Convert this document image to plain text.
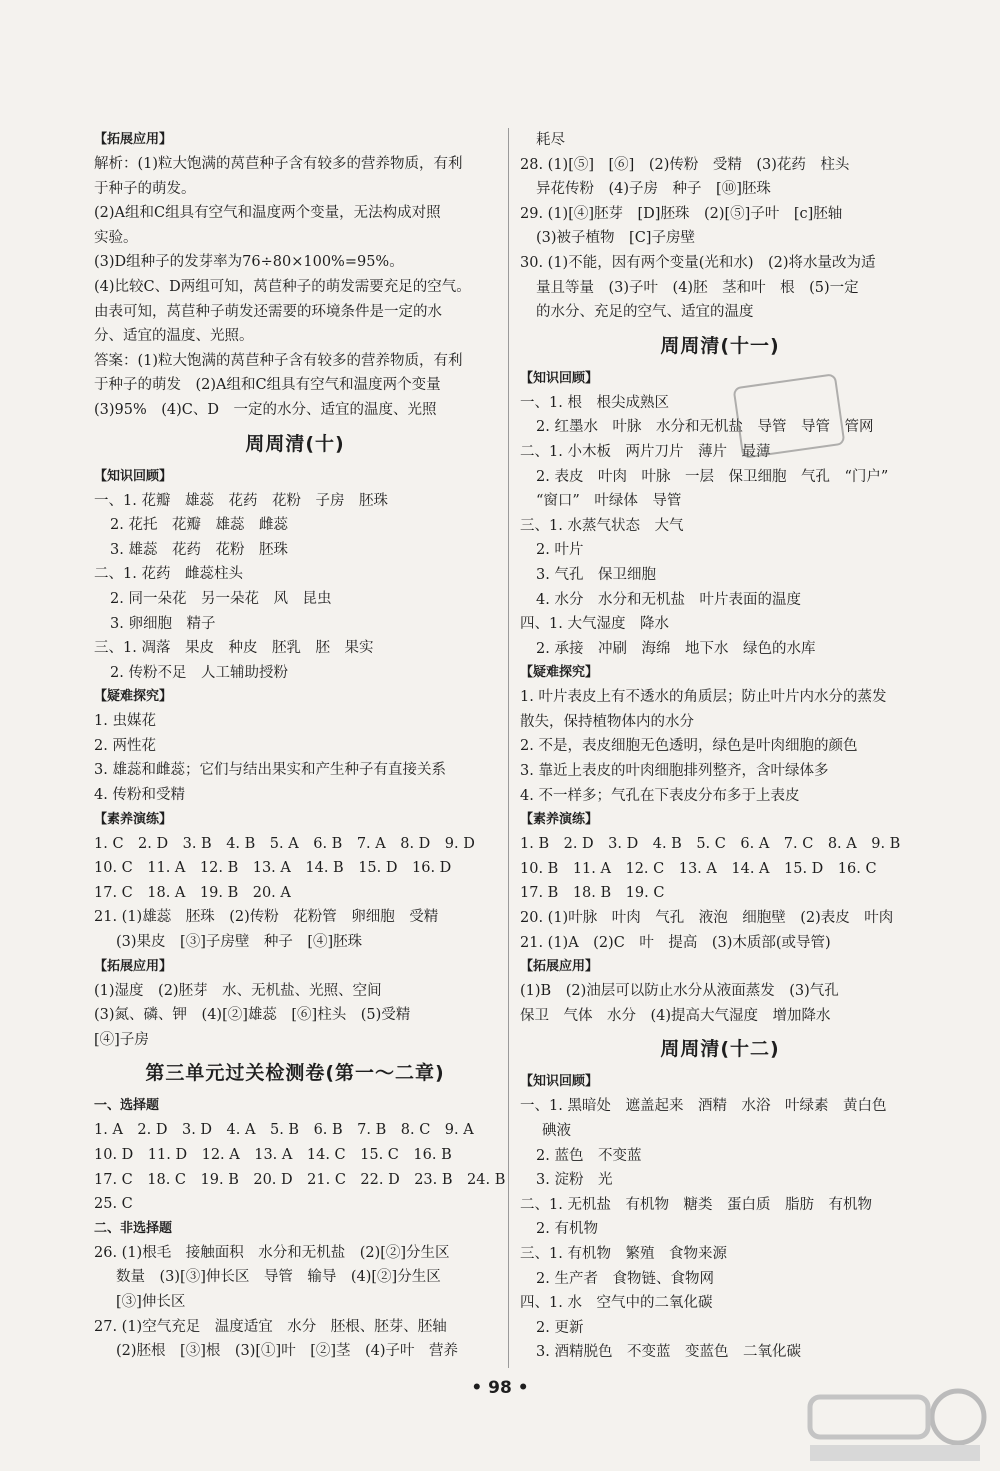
【拓展应用】
解析：(1)粒大饱满的莴苣种子含有较多的营养物质，有利
于种子的萌发。
(2)A组和C组具有空气和温度两个变量，无法构成对照
实验。
(3)D组种子的发芽率为76÷80×100%=95%。
(4)比较C、D两组可知，莴苣种子的萌发需要充足的空气。
由表可知，莴苣种子萌发还需要的环境条件是一定的水
分、适宜的温度、光照。
答案：(1)粒大饱满的莴苣种子含有较多的营养物质，有利
于种子的萌发　(2)A组和C组具有空气和温度两个变量
(3)95%　(4)C、D　一定的水分、适宜的温度、光照
周周清(十)
【知识回顾】
一、1. 花瓣　雄蕊　花药　花粉　子房　胚珠
2. 花托　花瓣　雄蕊　雌蕊
3. 雄蕊　花药　花粉　胚珠
二、1. 花药　雌蕊柱头
2. 同一朵花　另一朵花　风　昆虫
3. 卵细胞　精子
三、1. 凋落　果皮　种皮　胚乳　胚　果实
2. 传粉不足　人工辅助授粉
【疑难探究】
1. 虫媒花
2. 两性花
3. 雄蕊和雌蕊；它们与结出果实和产生种子有直接关系
4. 传粉和受精
【素养演练】
1. C　2. D　3. B　4. B　5. A　6. B　7. A　8. D　9. D
10. C　11. A　12. B　13. A　14. B　15. D　16. D
17. C　18. A　19. B　20. A
21. (1)雄蕊　胚珠　(2)传粉　花粉管　卵细胞　受精
(3)果皮　[③]子房壁　种子　[④]胚珠
【拓展应用】
(1)湿度　(2)胚芽　水、无机盐、光照、空间
(3)氮、磷、钾　(4)[②]雄蕊　[⑥]柱头　(5)受精
[④]子房
第三单元过关检测卷(第一～二章)
一、选择题
1. A　2. D　3. D　4. A　5. B　6. B　7. B　8. C　9. A
10. D　11. D　12. A　13. A　14. C　15. C　16. B
17. C　18. C　19. B　20. D　21. C　22. D　23. B　24. B
25. C
二、非选择题
26. (1)根毛　接触面积　水分和无机盐　(2)[②]分生区
数量　(3)[③]伸长区　导管　输导　(4)[②]分生区
[③]伸长区
27. (1)空气充足　温度适宜　水分　胚根、胚芽、胚轴
(2)胚根　[③]根　(3)[①]叶　[②]茎　(4)子叶　营养
耗尽
28. (1)[⑤]　[⑥]　(2)传粉　受精　(3)花药　柱头
异花传粉　(4)子房　种子　[⑩]胚珠
29. (1)[④]胚芽　[D]胚珠　(2)[⑤]子叶　[c]胚轴
(3)被子植物　[C]子房壁
30. (1)不能，因有两个变量(光和水)　(2)将水量改为适
量且等量　(3)子叶　(4)胚　茎和叶　根　(5)一定
的水分、充足的空气、适宜的温度
周周清(十一)
【知识回顾】
一、1. 根　根尖成熟区
2. 红墨水　叶脉　水分和无机盐　导管　导管　管网
二、1. 小木板　两片刀片　薄片　最薄
2. 表皮　叶肉　叶脉　一层　保卫细胞　气孔　“门户”
“窗口”　叶绿体　导管
三、1. 水蒸气状态　大气
2. 叶片
3. 气孔　保卫细胞
4. 水分　水分和无机盐　叶片表面的温度
四、1. 大气湿度　降水
2. 承接　冲刷　海绵　地下水　绿色的水库
【疑难探究】
1. 叶片表皮上有不透水的角质层；防止叶片内水分的蒸发
散失，保持植物体内的水分
2. 不是，表皮细胞无色透明，绿色是叶肉细胞的颜色
3. 靠近上表皮的叶肉细胞排列整齐，含叶绿体多
4. 不一样多；气孔在下表皮分布多于上表皮
【素养演练】
1. B　2. D　3. D　4. B　5. C　6. A　7. C　8. A　9. B
10. B　11. A　12. C　13. A　14. A　15. D　16. C
17. B　18. B　19. C
20. (1)叶脉　叶肉　气孔　液泡　细胞壁　(2)表皮　叶肉
21. (1)A　(2)C　叶　提高　(3)木质部(或导管)
【拓展应用】
(1)B　(2)油层可以防止水分从液面蒸发　(3)气孔
保卫　气体　水分　(4)提高大气湿度　增加降水
周周清(十二)
【知识回顾】
一、1. 黑暗处　遮盖起来　酒精　水浴　叶绿素　黄白色
碘液
2. 蓝色　不变蓝
3. 淀粉　光
二、1. 无机盐　有机物　糖类　蛋白质　脂肪　有机物
2. 有机物
三、1. 有机物　繁殖　食物来源
2. 生产者　食物链、食物网
四、1. 水　空气中的二氧化碳
2. 更新
3. 酒精脱色　不变蓝　变蓝色　二氧化碳
• 98 •
